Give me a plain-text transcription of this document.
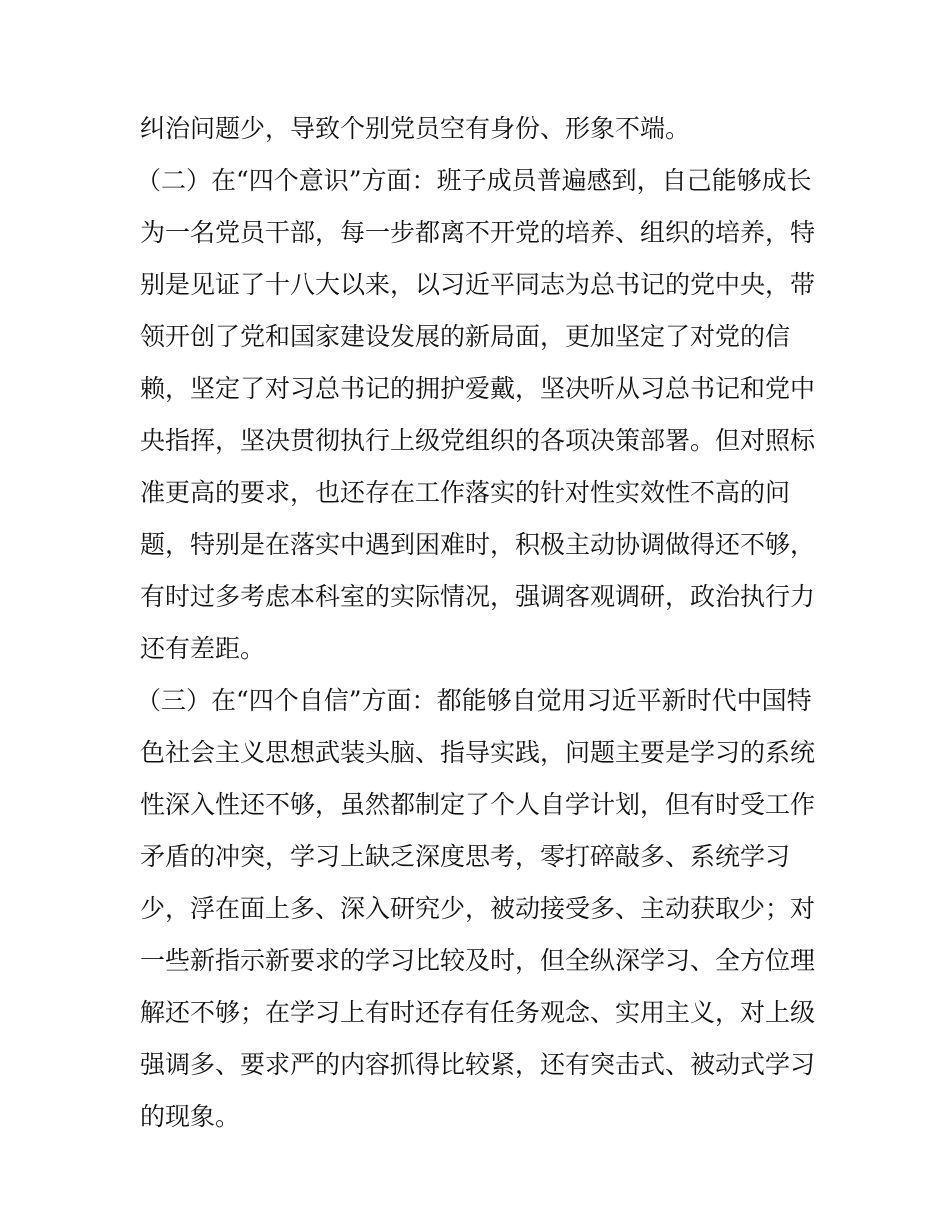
纠治问题少，导致个别党员空有身份、形象不端。
（二）在“四个意识”方面：班子成员普遍感到，自己能够成长
为一名党员干部，每一步都离不开党的培养、组织的培养，特
别是见证了十八大以来，以习近平同志为总书记的党中央，带
领开创了党和国家建设发展的新局面，更加坚定了对党的信
赖，坚定了对习总书记的拥护爱戴，坚决听从习总书记和党中
央指挥，坚决贯彻执行上级党组织的各项决策部署。但对照标
准更高的要求，也还存在工作落实的针对性实效性不高的问
题，特别是在落实中遇到困难时，积极主动协调做得还不够，
有时过多考虑本科室的实际情况，强调客观调研，政治执行力
还有差距。
（三）在“四个自信”方面：都能够自觉用习近平新时代中国特
色社会主义思想武装头脑、指导实践，问题主要是学习的系统
性深入性还不够，虽然都制定了个人自学计划，但有时受工作
矛盾的冲突，学习上缺乏深度思考，零打碎敲多、系统学习
少，浮在面上多、深入研究少，被动接受多、主动获取少；对
一些新指示新要求的学习比较及时，但全纵深学习、全方位理
解还不够；在学习上有时还存有任务观念、实用主义，对上级
强调多、要求严的内容抓得比较紧，还有突击式、被动式学习
的现象。
